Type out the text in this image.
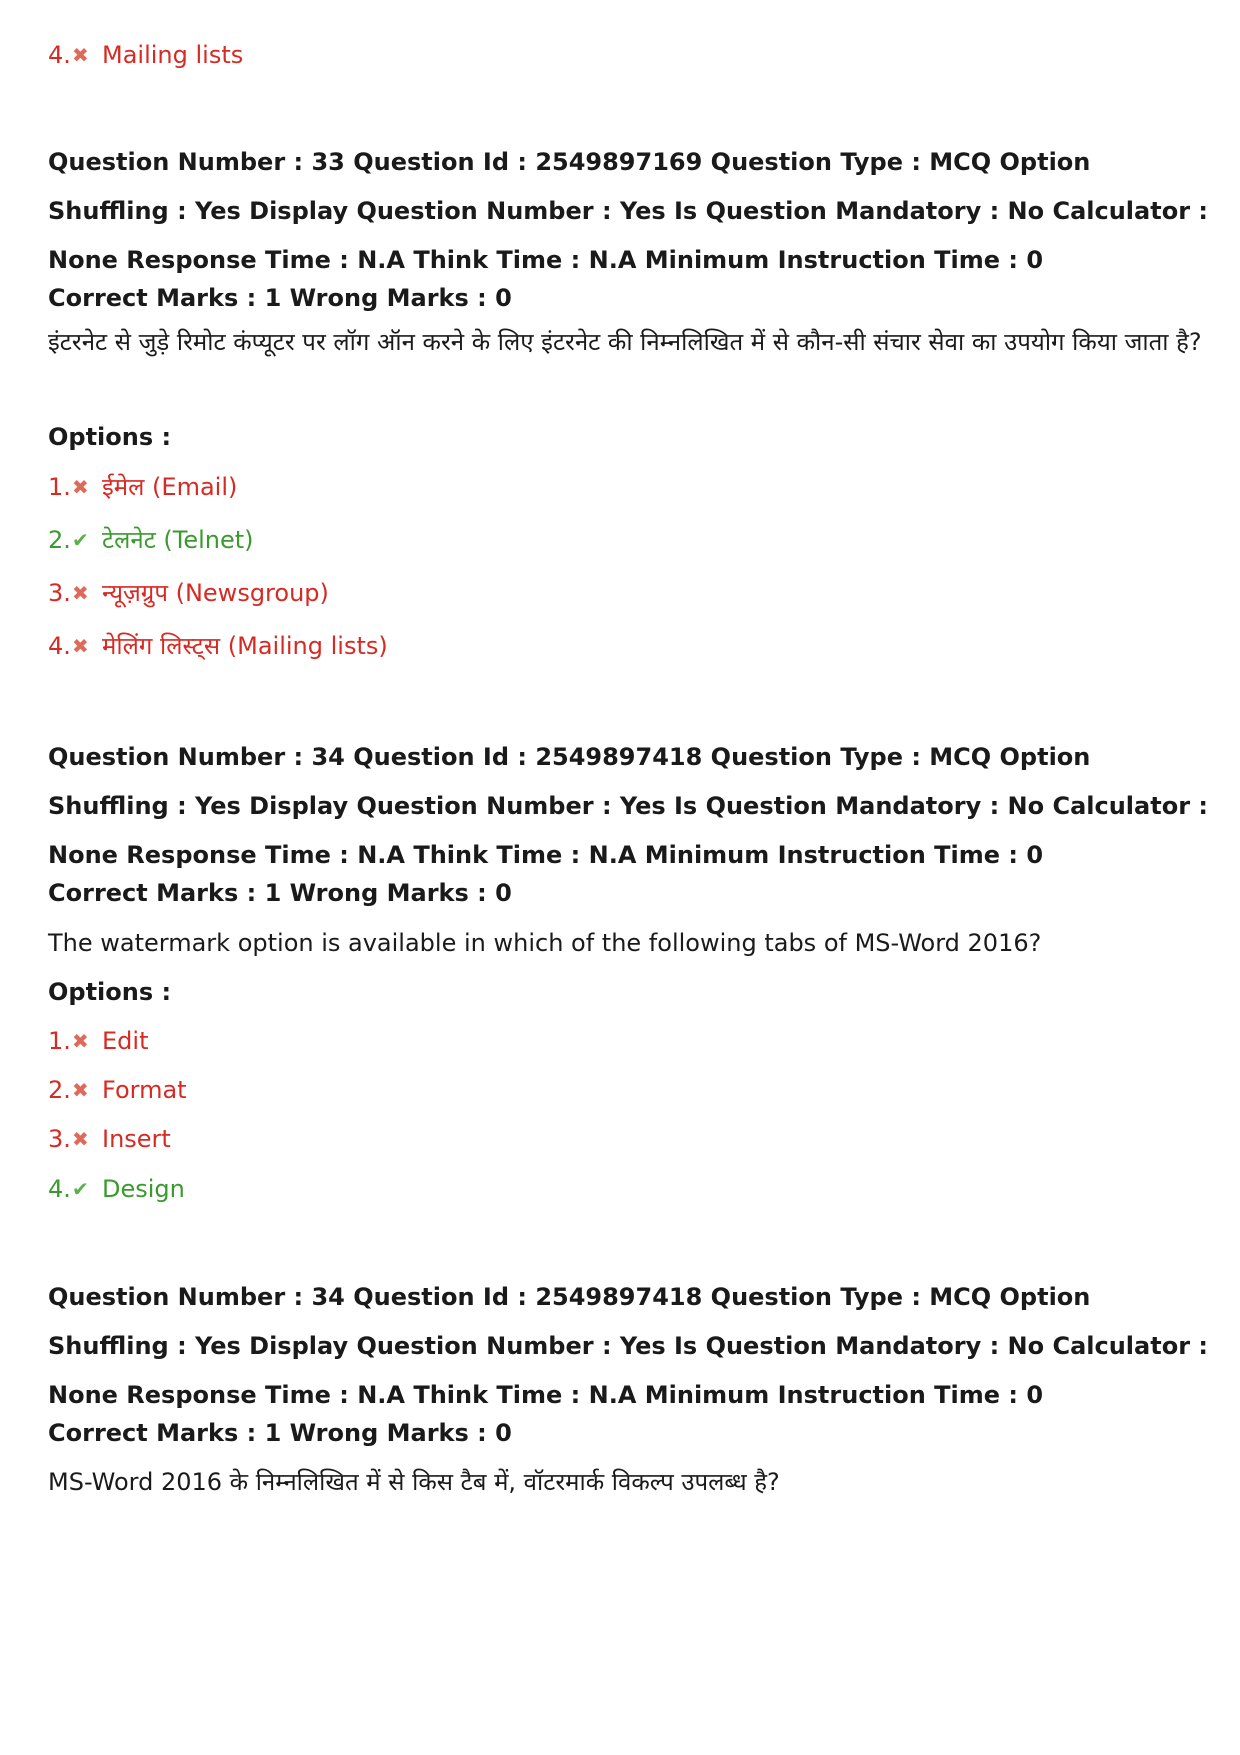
4. ✖ Mailing lists

Question Number : 33 Question Id : 2549897169 Question Type : MCQ Option Shuffling : Yes Display Question Number : Yes Is Question Mandatory : No Calculator : None Response Time : N.A Think Time : N.A Minimum Instruction Time : 0

Correct Marks : 1 Wrong Marks : 0

इंटरनेट से जुड़े रिमोट कंप्यूटर पर लॉग ऑन करने के लिए इंटरनेट की निम्नलिखित में से कौन-सी संचार सेवा का उपयोग किया जाता है?

Options :

1. ✖ ईमेल (Email)
2. ✔ टेलनेट (Telnet)
3. ✖ न्यूज़ग्रुप (Newsgroup)
4. ✖ मेलिंग लिस्ट्स (Mailing lists)

Question Number : 34 Question Id : 2549897418 Question Type : MCQ Option Shuffling : Yes Display Question Number : Yes Is Question Mandatory : No Calculator : None Response Time : N.A Think Time : N.A Minimum Instruction Time : 0

Correct Marks : 1 Wrong Marks : 0

The watermark option is available in which of the following tabs of MS-Word 2016?

Options :

1. ✖ Edit
2. ✖ Format
3. ✖ Insert
4. ✔ Design

Question Number : 34 Question Id : 2549897418 Question Type : MCQ Option Shuffling : Yes Display Question Number : Yes Is Question Mandatory : No Calculator : None Response Time : N.A Think Time : N.A Minimum Instruction Time : 0

Correct Marks : 1 Wrong Marks : 0

MS-Word 2016 के निम्नलिखित में से किस टैब में, वॉटरमार्क विकल्प उपलब्ध है?
